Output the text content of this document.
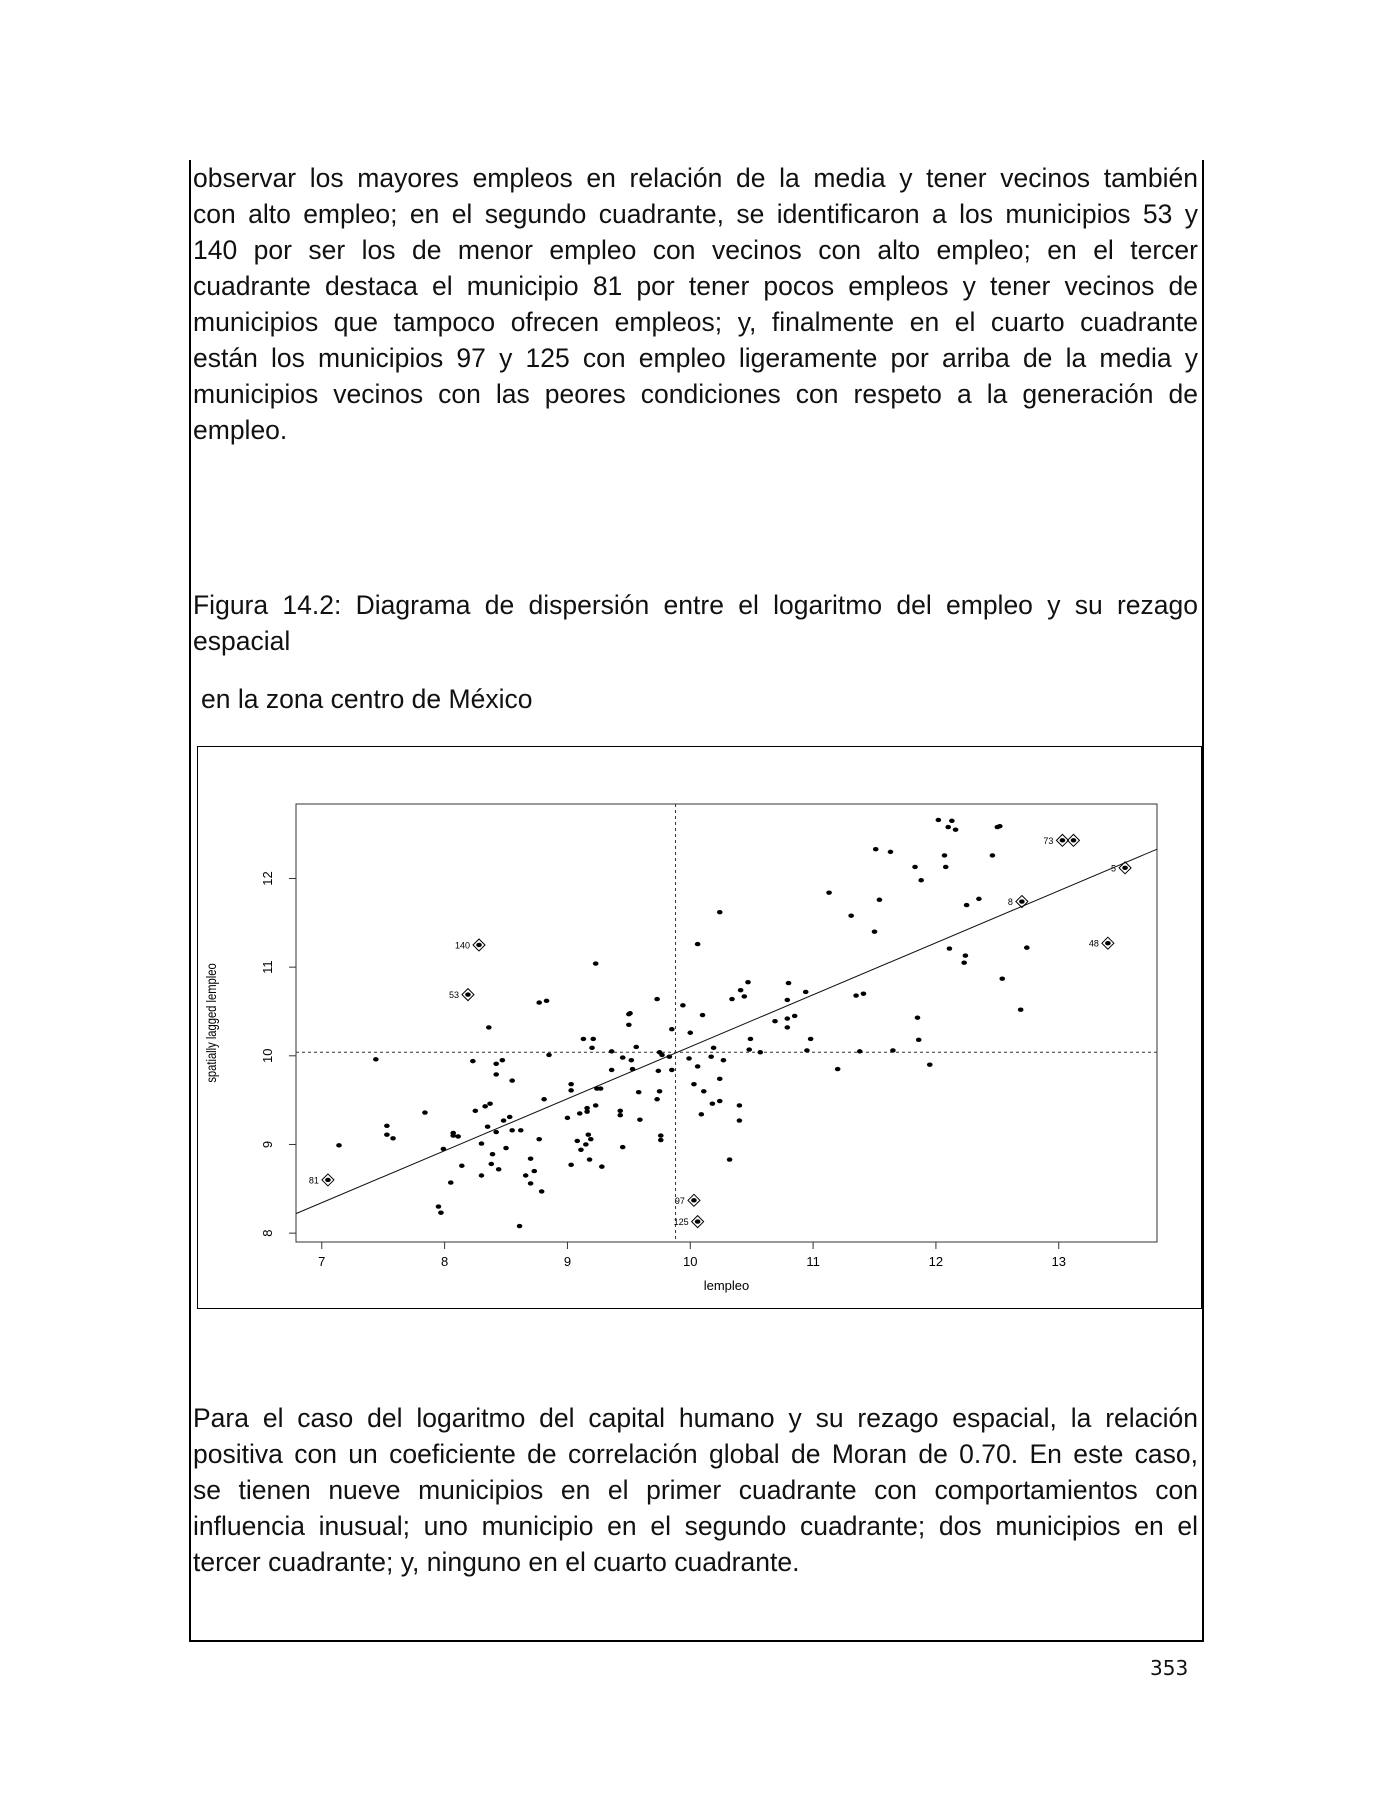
observar los mayores empleos en relación de la media y tener vecinos también
con alto empleo; en el segundo cuadrante, se identificaron a los municipios 53 y
140 por ser los de menor empleo con vecinos con alto empleo; en el tercer
cuadrante destaca el municipio 81 por tener pocos empleos y tener vecinos de
municipios que tampoco ofrecen empleos; y, finalmente en el cuarto cuadrante
están los municipios 97 y 125 con empleo ligeramente por arriba de la media y
municipios vecinos con las peores condiciones con respeto a la generación de
empleo.
Figura 14.2: Diagrama de dispersión entre el logaritmo del empleo y su rezago
espacial
en la zona centro de México
7	8	9	10	11	12	13
8
9
10
11
12
lempleo
spatially lagged lempleo
140
53
81
97
125
73
8
5
48
Para el caso del logaritmo del capital humano y su rezago espacial, la relación
positiva con un coeficiente de correlación global de Moran de 0.70. En este caso,
se tienen nueve municipios en el primer cuadrante con comportamientos con
influencia inusual; uno municipio en el segundo cuadrante; dos municipios en el
tercer cuadrante; y, ninguno en el cuarto cuadrante.
353
